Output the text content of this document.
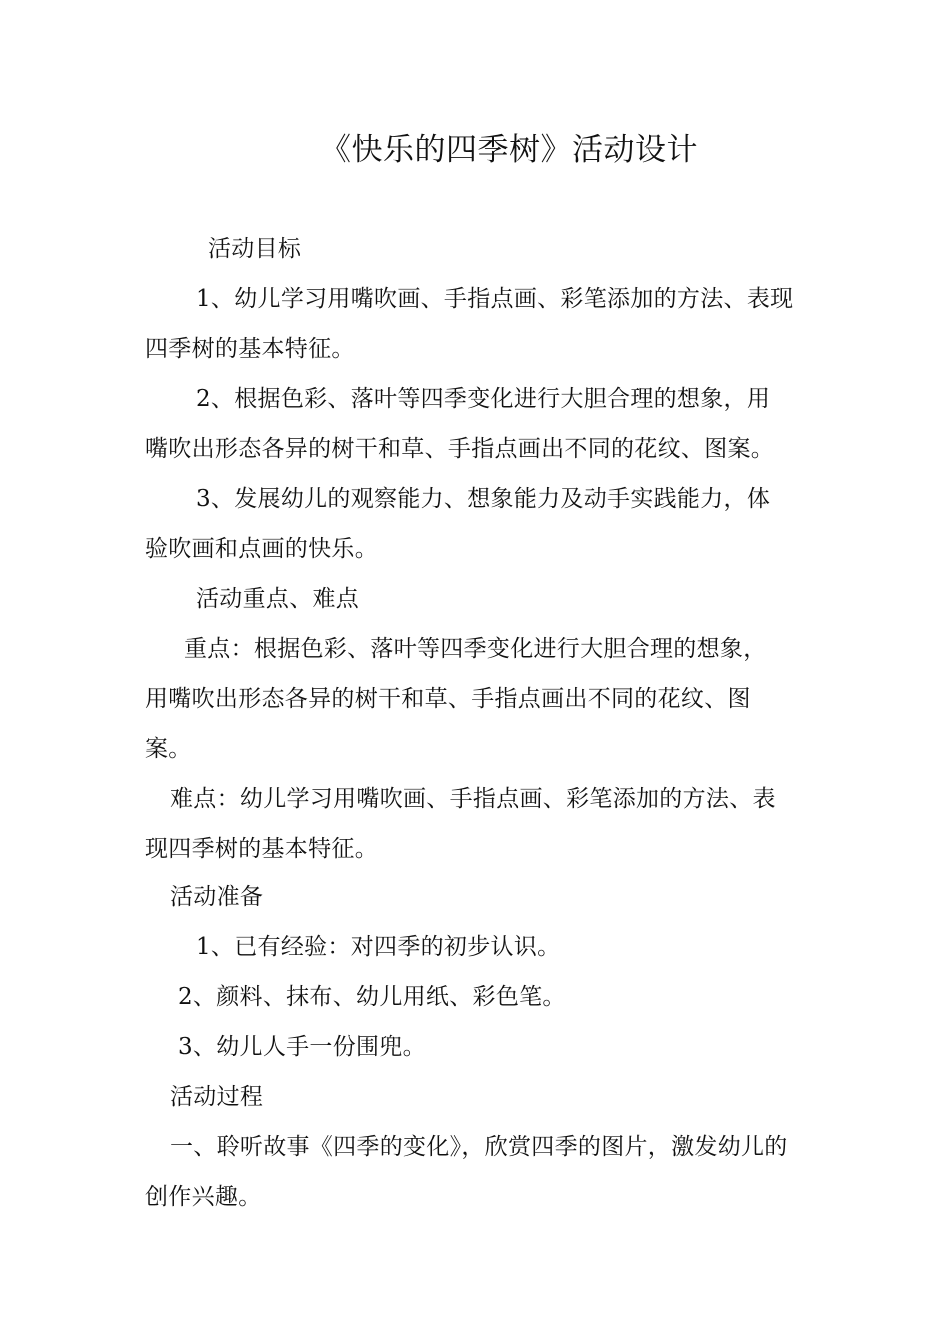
《快乐的四季树》活动设计
活动目标
1、幼儿学习用嘴吹画、手指点画、彩笔添加的方法、表现
四季树的基本特征。
2、根据色彩、落叶等四季变化进行大胆合理的想象，用
嘴吹出形态各异的树干和草、手指点画出不同的花纹、图案。
3、发展幼儿的观察能力、想象能力及动手实践能力，体
验吹画和点画的快乐。
活动重点、难点
重点：根据色彩、落叶等四季变化进行大胆合理的想象，
用嘴吹出形态各异的树干和草、手指点画出不同的花纹、图
案。
难点：幼儿学习用嘴吹画、手指点画、彩笔添加的方法、表
现四季树的基本特征。
活动准备
1、已有经验：对四季的初步认识。
2、颜料、抹布、幼儿用纸、彩色笔。
3、幼儿人手一份围兜。
活动过程
一、聆听故事《四季的变化》，欣赏四季的图片，激发幼儿的
创作兴趣。
